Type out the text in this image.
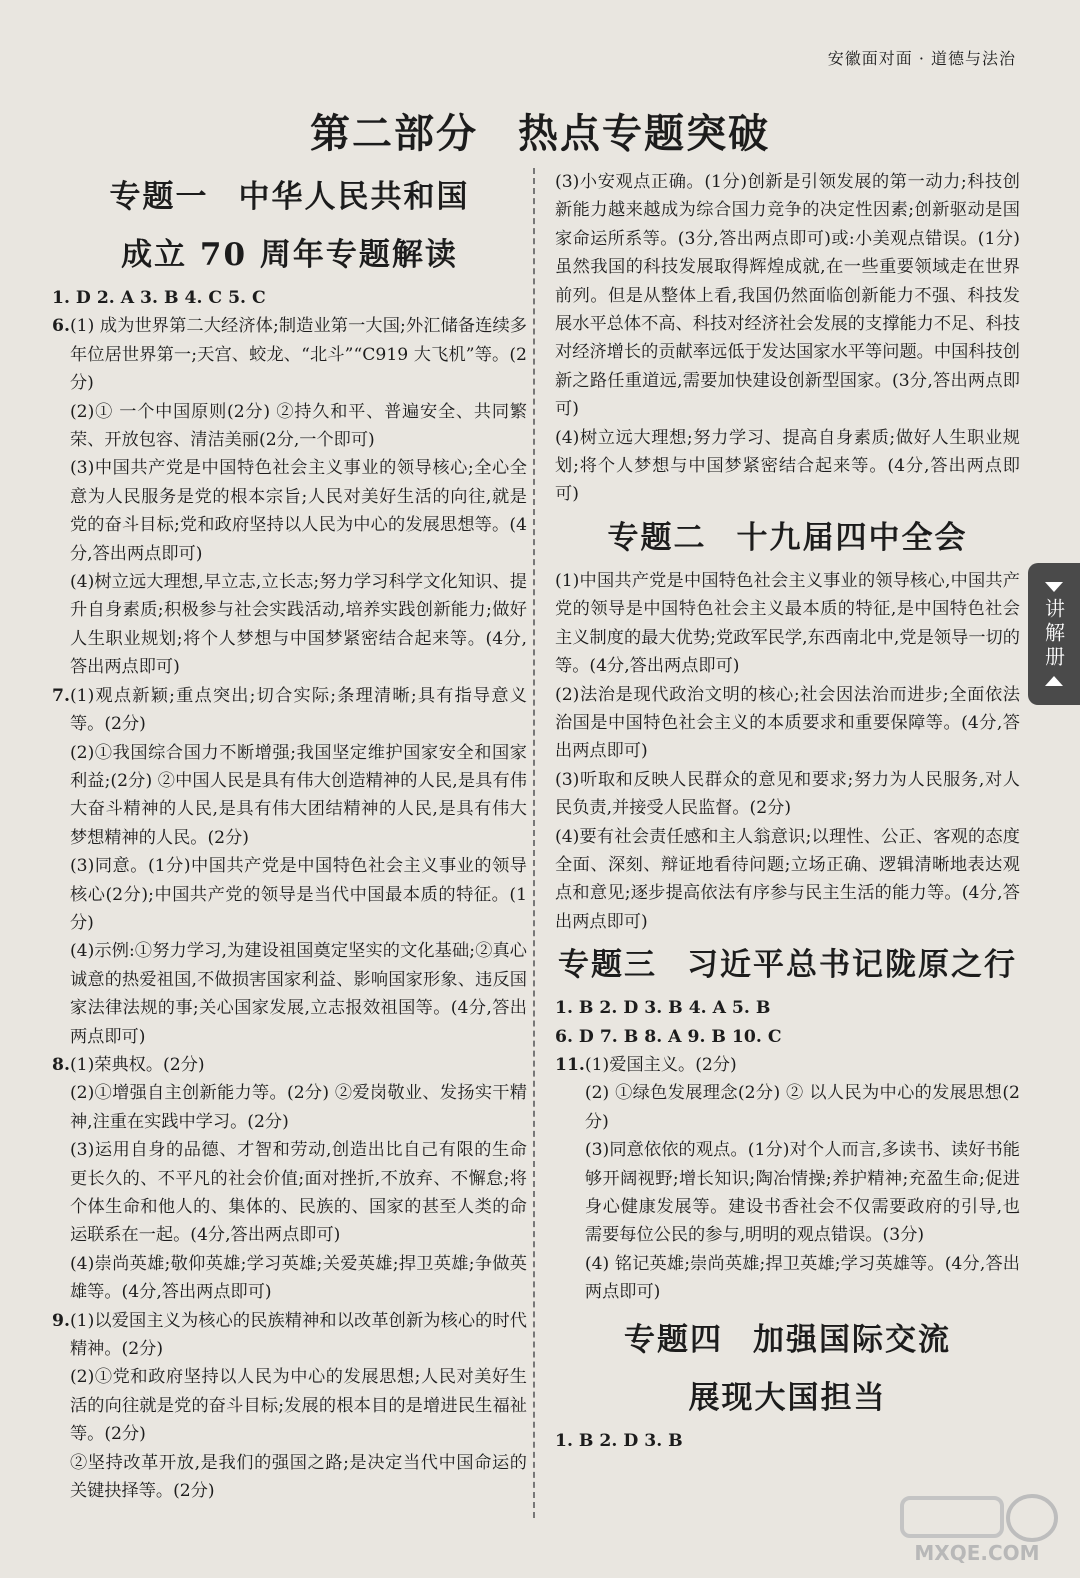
安徽面对面 · 道德与法治
第二部分 热点专题突破
专题一 中华人民共和国
成立 70 周年专题解读

1. D 2. A 3. B 4. C 5. C

6. (1) 成为世界第二大经济体;制造业第一大国;外汇储备连续多年位居世界第一;天宫、蛟龙、“北斗”“C919 大飞机”等。(2分)

(2)① 一个中国原则(2分) ②持久和平、普遍安全、共同繁荣、开放包容、清洁美丽(2分,一个即可)

(3)中国共产党是中国特色社会主义事业的领导核心;全心全意为人民服务是党的根本宗旨;人民对美好生活的向往,就是党的奋斗目标;党和政府坚持以人民为中心的发展思想等。(4分,答出两点即可)

(4)树立远大理想,早立志,立长志;努力学习科学文化知识、提升自身素质;积极参与社会实践活动,培养实践创新能力;做好人生职业规划;将个人梦想与中国梦紧密结合起来等。(4分,答出两点即可)

7. (1)观点新颖;重点突出;切合实际;条理清晰;具有指导意义等。(2分)

(2)①我国综合国力不断增强;我国坚定维护国家安全和国家利益;(2分) ②中国人民是具有伟大创造精神的人民,是具有伟大奋斗精神的人民,是具有伟大团结精神的人民,是具有伟大梦想精神的人民。(2分)

(3)同意。(1分)中国共产党是中国特色社会主义事业的领导核心(2分);中国共产党的领导是当代中国最本质的特征。(1分)

(4)示例:①努力学习,为建设祖国奠定坚实的文化基础;②真心诚意的热爱祖国,不做损害国家利益、影响国家形象、违反国家法律法规的事;关心国家发展,立志报效祖国等。(4分,答出两点即可)

8. (1)荣典权。(2分)

(2)①增强自主创新能力等。(2分) ②爱岗敬业、发扬实干精神,注重在实践中学习。(2分)

(3)运用自身的品德、才智和劳动,创造出比自己有限的生命更长久的、不平凡的社会价值;面对挫折,不放弃、不懈怠;将个体生命和他人的、集体的、民族的、国家的甚至人类的命运联系在一起。(4分,答出两点即可)

(4)崇尚英雄;敬仰英雄;学习英雄;关爱英雄;捍卫英雄;争做英雄等。(4分,答出两点即可)

9. (1)以爱国主义为核心的民族精神和以改革创新为核心的时代精神。(2分)

(2)①党和政府坚持以人民为中心的发展思想;人民对美好生活的向往就是党的奋斗目标;发展的根本目的是增进民生福祉等。(2分)

②坚持改革开放,是我们的强国之路;是决定当代中国命运的关键抉择等。(2分)

(3)小安观点正确。(1分)创新是引领发展的第一动力;科技创新能力越来越成为综合国力竞争的决定性因素;创新驱动是国家命运所系等。(3分,答出两点即可)或:小美观点错误。(1分)虽然我国的科技发展取得辉煌成就,在一些重要领域走在世界前列。但是从整体上看,我国仍然面临创新能力不强、科技发展水平总体不高、科技对经济社会发展的支撑能力不足、科技对经济增长的贡献率远低于发达国家水平等问题。中国科技创新之路任重道远,需要加快建设创新型国家。(3分,答出两点即可)

(4)树立远大理想;努力学习、提高自身素质;做好人生职业规划;将个人梦想与中国梦紧密结合起来等。(4分,答出两点即可)

专题二 十九届四中全会

(1)中国共产党是中国特色社会主义事业的领导核心,中国共产党的领导是中国特色社会主义最本质的特征,是中国特色社会主义制度的最大优势;党政军民学,东西南北中,党是领导一切的等。(4分,答出两点即可)

(2)法治是现代政治文明的核心;社会因法治而进步;全面依法治国是中国特色社会主义的本质要求和重要保障等。(4分,答出两点即可)

(3)听取和反映人民群众的意见和要求;努力为人民服务,对人民负责,并接受人民监督。(2分)

(4)要有社会责任感和主人翁意识;以理性、公正、客观的态度全面、深刻、辩证地看待问题;立场正确、逻辑清晰地表达观点和意见;逐步提高依法有序参与民主生活的能力等。(4分,答出两点即可)

专题三 习近平总书记陇原之行

1. B 2. D 3. B 4. A 5. B

6. D 7. B 8. A 9. B 10. C

11. (1)爱国主义。(2分)

(2) ①绿色发展理念(2分) ② 以人民为中心的发展思想(2分)

(3)同意依依的观点。(1分)对个人而言,多读书、读好书能够开阔视野;增长知识;陶冶情操;养护精神;充盈生命;促进身心健康发展等。建设书香社会不仅需要政府的引导,也需要每位公民的参与,明明的观点错误。(3分)

(4) 铭记英雄;崇尚英雄;捍卫英雄;学习英雄等。(4分,答出两点即可)

专题四 加强国际交流
展现大国担当

1. B 2. D 3. B

讲解册
MXQE.COM
